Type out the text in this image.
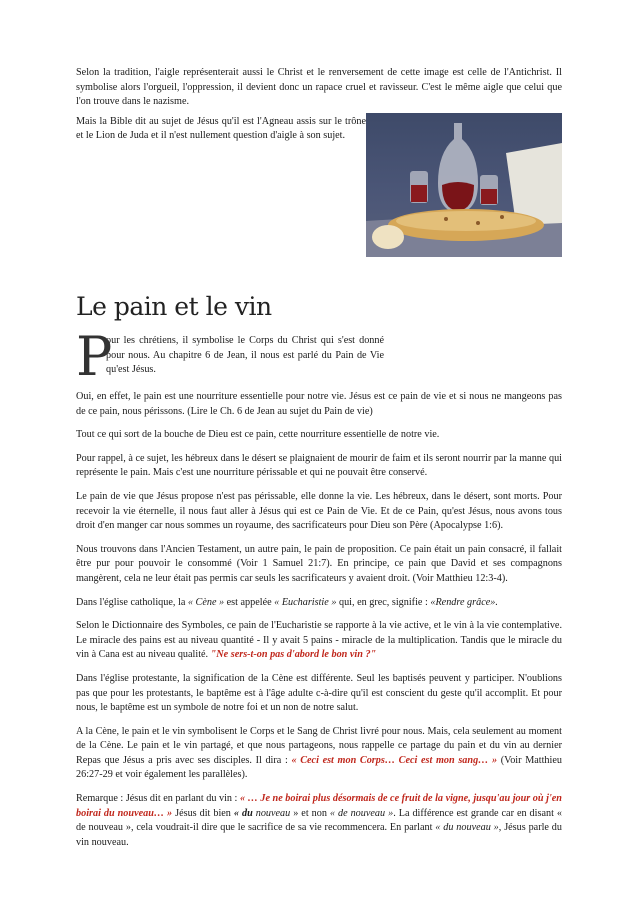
Selon la tradition, l'aigle représenterait aussi le Christ et le renversement de cette image est celle de l'Antichrist. Il symbolise alors l'orgueil, l'oppression, il devient donc un rapace cruel et ravisseur. C'est le même aigle que celui que l'on trouve dans le nazisme.

Mais la Bible dit au sujet de Jésus qu'il est l'Agneau assis sur le trône et le Lion de Juda et il n'est nullement question d'aigle à son sujet.

Le pain et le vin
P

our les chrétiens, il symbolise le Corps du Christ qui s'est donné pour nous. Au chapitre 6 de Jean, il nous est parlé du Pain de Vie qu'est Jésus.

Oui, en effet, le pain est une nourriture essentielle pour notre vie. Jésus est ce pain de vie et si nous ne mangeons pas de ce pain, nous périssons. (Lire le Ch. 6 de Jean au sujet du Pain de vie)

Tout ce qui sort de la bouche de Dieu est ce pain, cette nourriture essentielle de notre vie.

Pour rappel, à ce sujet, les hébreux dans le désert se plaignaient de mourir de faim et ils seront nourrir par la manne qui représente le pain. Mais c'est une nourriture périssable et qui ne pouvait être conservé.

Le pain de vie que Jésus propose n'est pas périssable, elle donne la vie. Les hébreux, dans le désert, sont morts. Pour recevoir la vie éternelle, il nous faut aller à Jésus qui est ce Pain de Vie. Et de ce Pain, qu'est Jésus, nous avons tous droit d'en manger car nous sommes un royaume, des sacrificateurs pour Dieu son Père (Apocalypse 1:6).

Nous trouvons dans l'Ancien Testament, un autre pain, le pain de proposition. Ce pain était un pain consacré, il fallait être pur pour pouvoir le consommé (Voir 1 Samuel 21:7). En principe, ce pain que David et ses compagnons mangèrent, cela ne leur était pas permis car seuls les sacrificateurs y avaient droit. (Voir Matthieu 12:3-4).

Dans l'église catholique, la « Cène » est appelée « Eucharistie » qui, en grec, signifie : «Rendre grâce».

Selon le Dictionnaire des Symboles, ce pain de l'Eucharistie se rapporte à la vie active, et le vin à la vie contemplative. Le miracle des pains est au niveau quantité - Il y avait 5 pains - miracle de la multiplication. Tandis que le miracle du vin à Cana est au niveau qualité. "Ne sers-t-on pas d'abord le bon vin ?"

Dans l'église protestante, la signification de la Cène est différente. Seul les baptisés peuvent y participer. N'oublions pas que pour les protestants, le baptême est à l'âge adulte c-à-dire qu'il est conscient du geste qu'il accomplit. Et pour nous, le baptême est un symbole de notre foi et un non de notre salut.

A la Cène, le pain et le vin symbolisent le Corps et le Sang de Christ livré pour nous. Mais, cela seulement au moment de la Cène. Le pain et le vin partagé, et que nous partageons, nous rappelle ce partage du pain et du vin au dernier Repas que Jésus a pris avec ses disciples. Il dira : « Ceci est mon Corps… Ceci est mon sang… » (Voir Matthieu 26:27-29 et voir également les parallèles).

Remarque : Jésus dit en parlant du vin : « … Je ne boirai plus désormais de ce fruit de la vigne, jusqu'au jour où j'en boirai du nouveau… » Jésus dit bien « du nouveau » et non « de nouveau ». La différence est grande car en disant « de nouveau », cela voudrait-il dire que le sacrifice de sa vie recommencera. En parlant « du nouveau », Jésus parle du vin nouveau.
